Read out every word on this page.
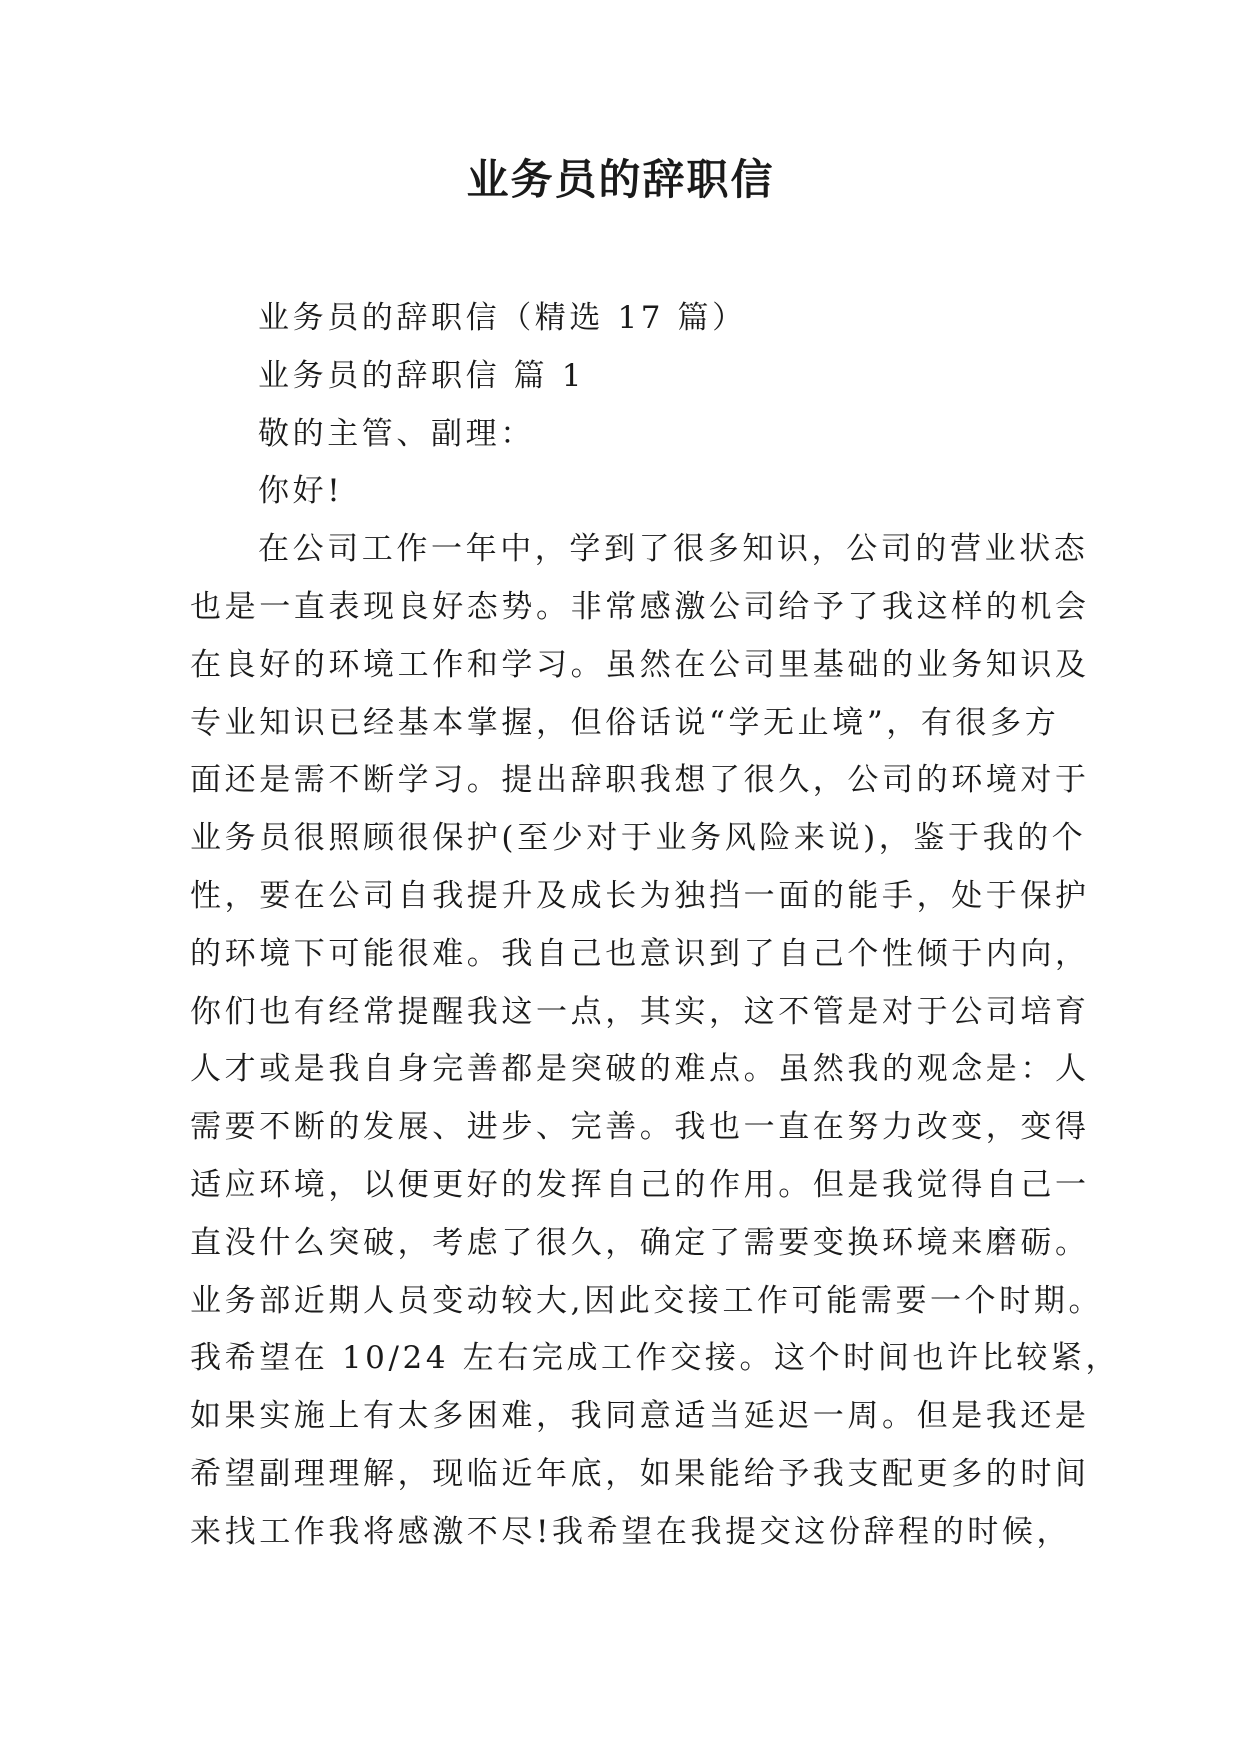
业务员的辞职信
业务员的辞职信（精选 17 篇）
业务员的辞职信 篇 1
敬的主管、副理：
你好!
在公司工作一年中，学到了很多知识，公司的营业状态
也是一直表现良好态势。非常感激公司给予了我这样的机会
在良好的环境工作和学习。虽然在公司里基础的业务知识及
专业知识已经基本掌握，但俗话说“学无止境”，有很多方
面还是需不断学习。提出辞职我想了很久，公司的环境对于
业务员很照顾很保护(至少对于业务风险来说)，鉴于我的个
性，要在公司自我提升及成长为独挡一面的能手，处于保护
的环境下可能很难。我自己也意识到了自己个性倾于内向，
你们也有经常提醒我这一点，其实，这不管是对于公司培育
人才或是我自身完善都是突破的难点。虽然我的观念是：人
需要不断的发展、进步、完善。我也一直在努力改变，变得
适应环境，以便更好的发挥自己的作用。但是我觉得自己一
直没什么突破，考虑了很久，确定了需要变换环境来磨砺。
业务部近期人员变动较大,因此交接工作可能需要一个时期。
我希望在 10/24 左右完成工作交接。这个时间也许比较紧，
如果实施上有太多困难，我同意适当延迟一周。但是我还是
希望副理理解，现临近年底，如果能给予我支配更多的时间
来找工作我将感激不尽!我希望在我提交这份辞程的时候，
